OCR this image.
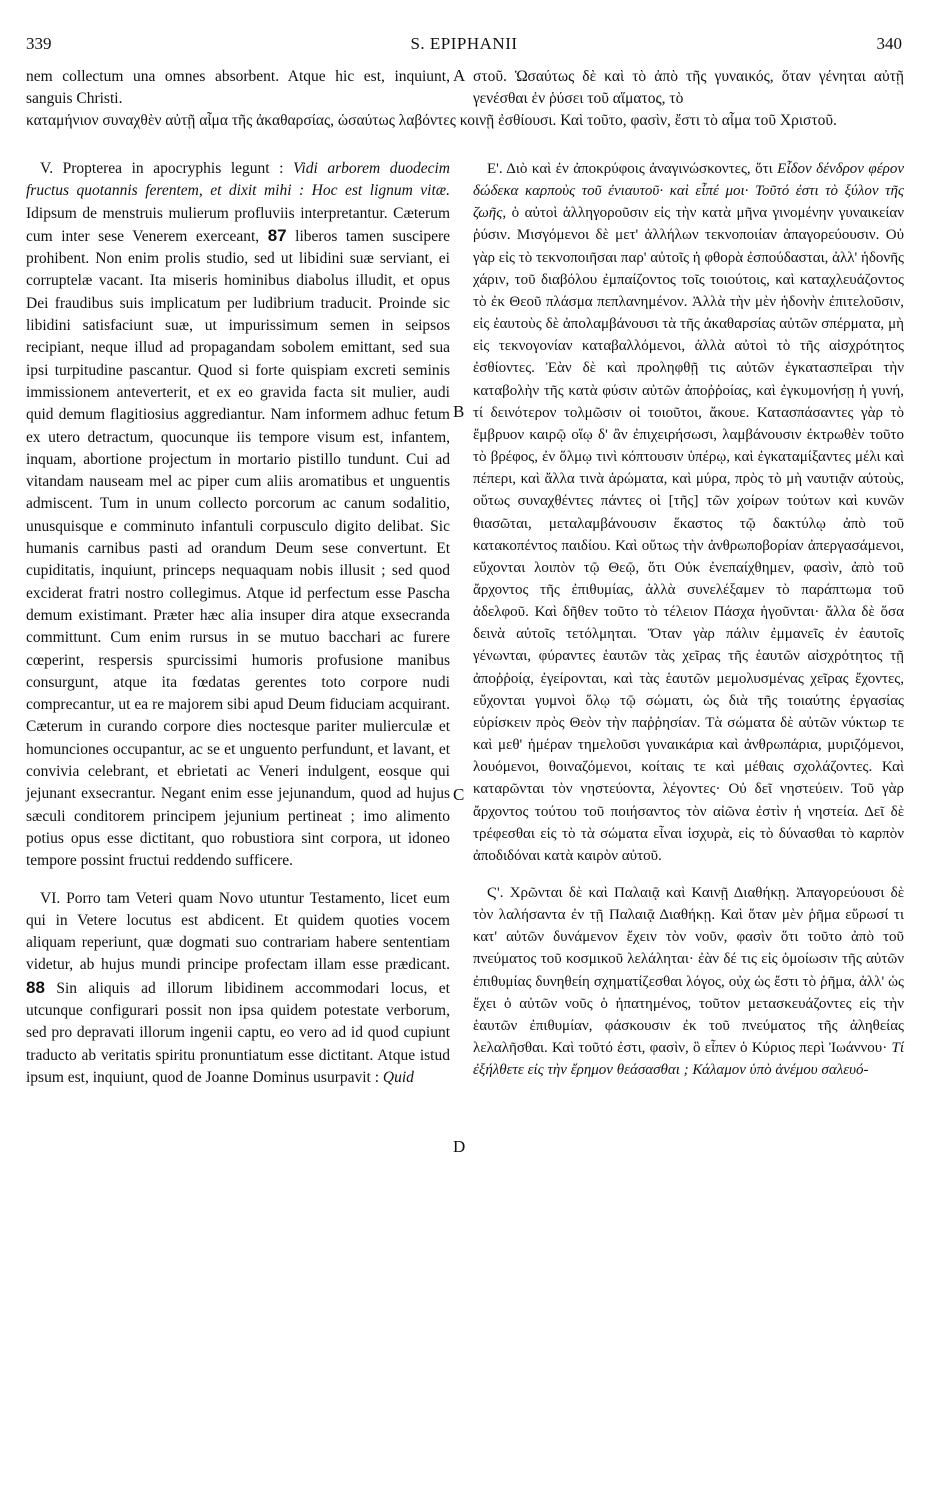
339	S. EPIPHANII	340

nem collectum una omnes absorbent. Atque hic est, inquiunt, sanguis Christi.

στοῦ. Ὡσαύτως δὲ καὶ τὸ ἀπὸ τῆς γυναικός, ὅταν γένηται αὐτῇ γενέσθαι ἐν ῥύσει τοῦ αἵματος, τὸ

καταμήνιον συναχθὲν αὐτῇ αἷμα τῆς ἀκαθαρσίας, ὡσαύτως λαβόντες κοινῇ ἐσθίουσι. Καὶ τοῦτο, φασὶν, ἔστι τὸ αἷμα τοῦ Χριστοῦ.

V. Propterea in apocryphis legunt : Vidi arborem duodecim fructus quotannis ferentem, et dixit mihi : Hoc est lignum vitæ. Idipsum de menstruis mulierum profluviis interpretantur. Cæterum cum inter sese Venerem exerceant, 87 liberos tamen suscipere prohibent. Non enim prolis studio, sed ut libidini suæ serviant, ei corruptelæ vacant. Ita miseris hominibus diabolus illudit, et opus Dei fraudibus suis implicatum per ludibrium traducit. Proinde sic libidini satisfaciunt suæ, ut impurissimum semen in seipsos recipiant, neque illud ad propagandam sobolem emittant, sed sua ipsi turpitudine pascantur. Quod si forte quispiam excreti seminis immissionem anteverterit, et ex eo gravida facta sit mulier, audi quid demum flagitiosius aggrediantur. Nam informem adhuc fetum ex utero detractum, quocunque iis tempore visum est, infantem, inquam, abortione projectum in mortario pistillo tundunt. Cui ad vitandam nauseam mel ac piper cum aliis aromatibus et unguentis admiscent. Tum in unum collecto porcorum ac canum sodalitio, unusquisque e comminuto infantuli corpusculo digito delibat. Sic humanis carnibus pasti ad orandum Deum sese convertunt. Et cupiditatis, inquiunt, princeps nequaquam nobis illusit ; sed quod exciderat fratri nostro collegimus. Atque id perfectum esse Pascha demum existimant. Præter hæc alia insuper dira atque exsecranda committunt. Cum enim rursus in se mutuo bacchari ac furere cœperint, respersis spurcissimi humoris profusione manibus consurgunt, atque ita fœdatas gerentes toto corpore nudi comprecantur, ut ea re majorem sibi apud Deum fiduciam acquirant. Cæterum in curando corpore dies noctesque pariter mulierculæ et homunciones occupantur, ac se et unguento perfundunt, et lavant, et convivia celebrant, et ebrietati ac Veneri indulgent, eosque qui jejunant exsecrantur. Negant enim esse jejunandum, quod ad hujus sæculi conditorem principem jejunium pertineat ; imo alimento potius opus esse dictitant, quo robustiora sint corpora, ut idoneo tempore possint fructui reddendo sufficere.

VI. Porro tam Veteri quam Novo utuntur Testamento, licet eum qui in Vetere locutus est abdicent. Et quidem quoties vocem aliquam reperiunt, quæ dogmati suo contrariam habere sententiam videtur, ab hujus mundi principe profectam illam esse prædicant. 88 Sin aliquis ad illorum libidinem accommodari locus, et utcunque configurari possit non ipsa quidem potestate verborum, sed pro depravati illorum ingenii captu, eo vero ad id quod cupiunt traducto ab veritatis spiritu pronuntiatum esse dictitant. Atque istud ipsum est, inquiunt, quod de Joanne Dominus usurpavit : Quid

Ε'. Διὸ καὶ ἐν ἀποκρύφοις ἀναγινώσκοντες, ὅτι Εἶδον δένδρον φέρον δώδεκα καρποὺς τοῦ ἐνιαυτοῦ· καὶ εἶπέ μοι· Τοῦτό ἐστι τὸ ξύλον τῆς ζωῆς, ὁ αὐτοὶ ἀλληγοροῦσιν εἰς τὴν κατὰ μῆνα γινομένην γυναικείαν ῥύσιν. Μισγόμενοι δὲ μετ' ἀλλήλων τεκνοποιίαν ἀπαγορεύουσιν. Οὐ γὰρ εἰς τὸ τεκνοποιῆσαι παρ' αὐτοῖς ἡ φθορὰ ἐσπούδασται, ἀλλ' ἡδονῆς χάριν, τοῦ διαβόλου ἐμπαίζοντος τοῖς τοιούτοις, καὶ καταχλευάζοντος τὸ ἐκ Θεοῦ πλάσμα πεπλανημένον. Ἀλλὰ τὴν μὲν ἡδονὴν ἐπιτελοῦσιν, εἰς ἑαυτοὺς δὲ ἀπολαμβάνουσι τὰ τῆς ἀκαθαρσίας αὐτῶν σπέρματα, μὴ εἰς τεκνογονίαν καταβαλλόμενοι, ἀλλὰ αὐτοὶ τὸ τῆς αἰσχρότητος ἐσθίοντες. Ἐὰν δὲ καὶ προληφθῇ τις αὐτῶν ἐγκατασπεῖραι τὴν καταβολὴν τῆς κατὰ φύσιν αὐτῶν ἀποῤῥοίας, καὶ ἐγκυμονήσῃ ἡ γυνή, τί δεινότερον τολμῶσιν οἱ τοιοῦτοι, ἄκουε. Κατασπάσαντες γὰρ τὸ ἔμβρυον καιρῷ οἵῳ δ' ἂν ἐπιχειρήσωσι, λαμβάνουσιν ἐκτρωθὲν τοῦτο τὸ βρέφος, ἐν ὅλμῳ τινὶ κόπτουσιν ὑπέρῳ, καὶ ἐγκαταμίξαντες μέλι καὶ πέπερι, καὶ ἄλλα τινὰ ἀρώματα, καὶ μύρα, πρὸς τὸ μὴ ναυτιᾷν αὐτοὺς, οὕτως συναχθέντες πάντες οἱ [τῆς] τῶν χοίρων τούτων καὶ κυνῶν θιασῶται, μεταλαμβάνουσιν ἕκαστος τῷ δακτύλῳ ἀπὸ τοῦ κατακοπέντος παιδίου. Καὶ οὕτως τὴν ἀνθρωποβορίαν ἀπεργασάμενοι, εὔχονται λοιπὸν τῷ Θεῷ, ὅτι Οὐκ ἐνεπαίχθημεν, φασὶν, ἀπὸ τοῦ ἄρχοντος τῆς ἐπιθυμίας, ἀλλὰ συνελέξαμεν τὸ παράπτωμα τοῦ ἀδελφοῦ. Καὶ δῆθεν τοῦτο τὸ τέλειον Πάσχα ἡγοῦνται· ἄλλα δὲ ὅσα δεινὰ αὐτοῖς τετόλμηται. Ὅταν γὰρ πάλιν ἐμμανεῖς ἐν ἑαυτοῖς γένωνται, φύραντες ἑαυτῶν τὰς χεῖρας τῆς ἑαυτῶν αἰσχρότητος τῇ ἀποῤῥοίᾳ, ἐγείρονται, καὶ τὰς ἑαυτῶν μεμολυσμένας χεῖρας ἔχοντες, εὔχονται γυμνοὶ ὅλῳ τῷ σώματι, ὡς διὰ τῆς τοιαύτης ἐργασίας εὑρίσκειν πρὸς Θεὸν τὴν παῤῥησίαν. Τὰ σώματα δὲ αὐτῶν νύκτωρ τε καὶ μεθ' ἡμέραν τημελοῦσι γυναικάρια καὶ ἀνθρωπάρια, μυριζόμενοι, λουόμενοι, θοιναζόμενοι, κοίταις τε καὶ μέθαις σχολάζοντες. Καὶ καταρῶνται τὸν νηστεύοντα, λέγοντες· Οὐ δεῖ νηστεύειν. Τοῦ γὰρ ἄρχοντος τούτου τοῦ ποιήσαντος τὸν αἰῶνα ἐστὶν ἡ νηστεία. Δεῖ δὲ τρέφεσθαι εἰς τὸ τὰ σώματα εἶναι ἰσχυρὰ, εἰς τὸ δύνασθαι τὸ καρπὸν ἀποδιδόναι κατὰ καιρὸν αὐτοῦ.

Ϛ'. Χρῶνται δὲ καὶ Παλαιᾷ καὶ Καινῇ Διαθήκῃ. Ἀπαγορεύουσι δὲ τὸν λαλήσαντα ἐν τῇ Παλαιᾷ Διαθήκῃ. Καὶ ὅταν μὲν ῥῆμα εὕρωσί τι κατ' αὐτῶν δυνάμενον ἔχειν τὸν νοῦν, φασὶν ὅτι τοῦτο ἀπὸ τοῦ πνεύματος τοῦ κοσμικοῦ λελάληται· ἐὰν δέ τις εἰς ὁμοίωσιν τῆς αὐτῶν ἐπιθυμίας δυνηθείη σχηματίζεσθαι λόγος, οὐχ ὡς ἔστι τὸ ῥῆμα, ἀλλ' ὡς ἔχει ὁ αὐτῶν νοῦς ὁ ἠπατημένος, τοῦτον μετασκευάζοντες εἰς τὴν ἑαυτῶν ἐπιθυμίαν, φάσκουσιν ἐκ τοῦ πνεύματος τῆς ἀληθείας λελαλῆσθαι. Καὶ τοῦτό ἐστι, φασὶν, ὃ εἶπεν ὁ Κύριος περὶ Ἰωάννου· Τί ἐξήλθετε εἰς τὴν ἔρημον θεάσασθαι ; Κάλαμον ὑπὸ ἀνέμου σαλευό-

A
B
C
D
